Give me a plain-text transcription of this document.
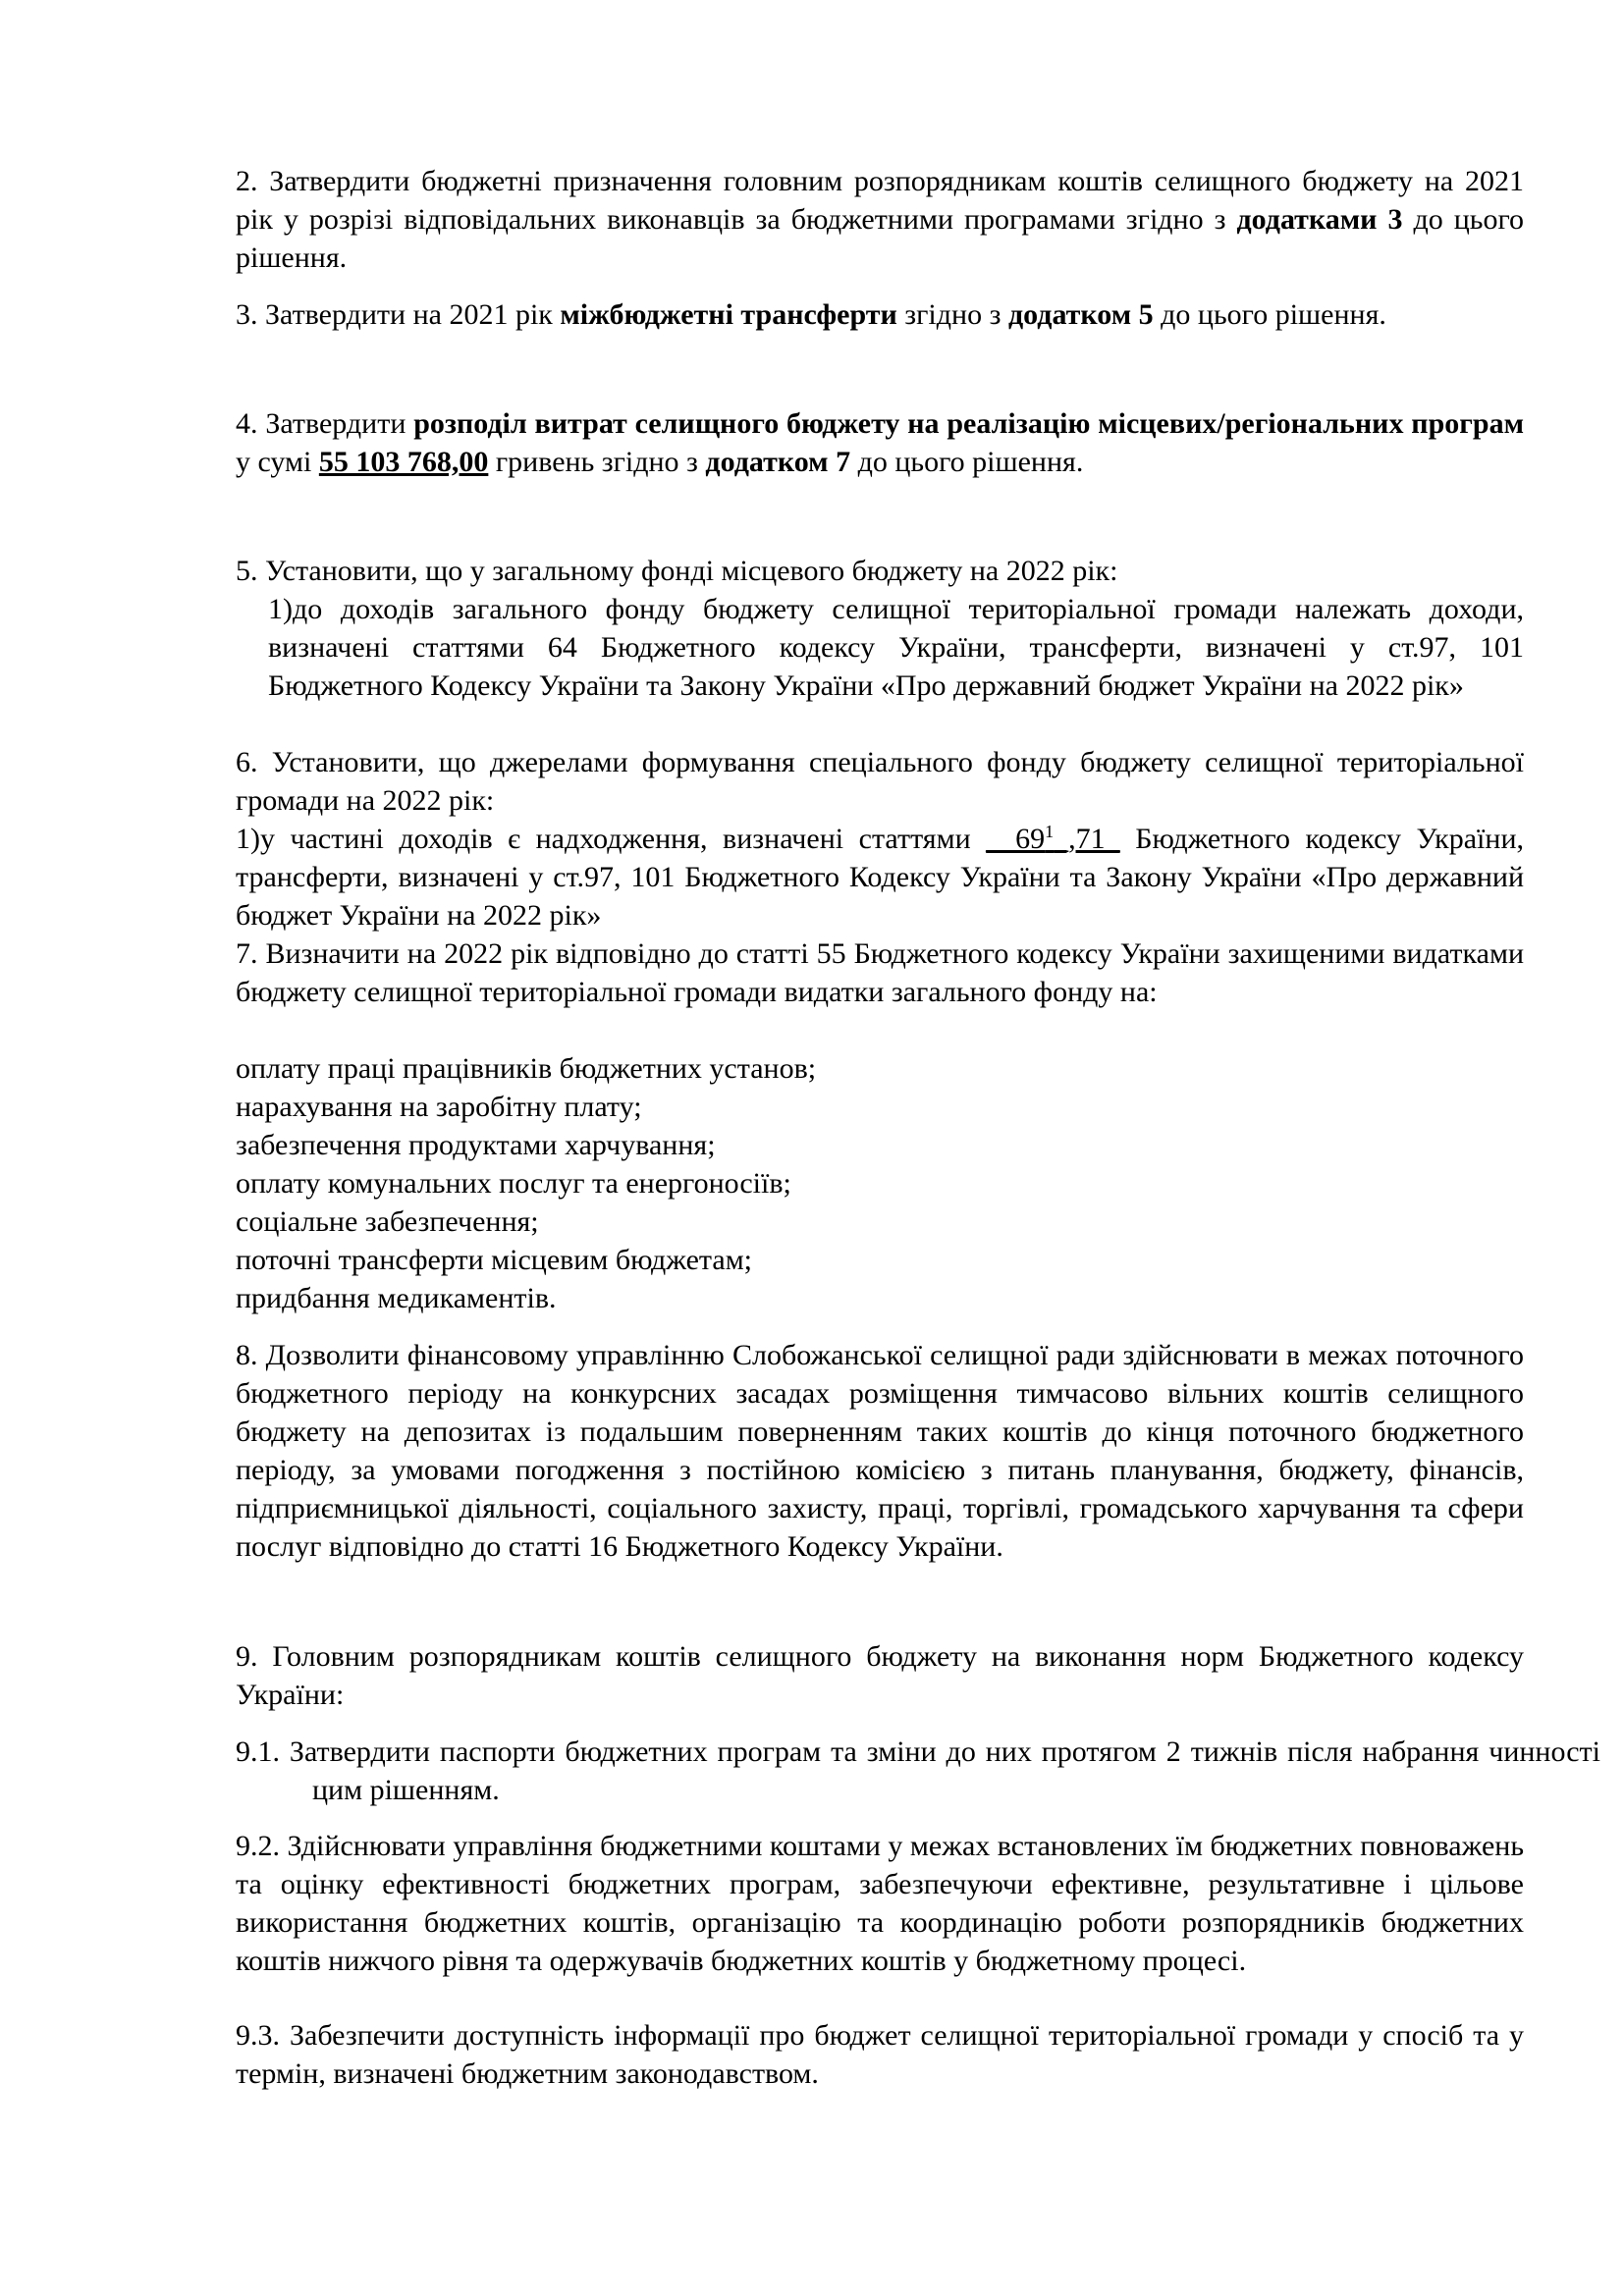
2. Затвердити бюджетні призначення головним розпорядникам коштів селищного бюджету на 2021 рік у розрізі відповідальних виконавців за бюджетними програмами згідно з додатками 3 до цього рішення.

3. Затвердити на 2021 рік міжбюджетні трансферти згідно з додатком 5 до цього рішення.

4. Затвердити розподіл витрат селищного бюджету на реалізацію місцевих/регіональних програм у сумі 55 103 768,00 гривень згідно з додатком 7 до цього рішення.

5. Установити, що у загальному фонді місцевого бюджету на 2022 рік:

1)до доходів загального фонду бюджету селищної територіальної громади належать доходи, визначені статтями 64 Бюджетного кодексу України, трансферти, визначені у ст.97, 101 Бюджетного Кодексу України та Закону України «Про державний бюджет України на 2022 рік»

6. Установити, що джерелами формування спеціального фонду бюджету селищної територіальної громади на 2022 рік:

1)у частині доходів є надходження, визначені статтями $\_\_69^1\_,71\_$ Бюджетного кодексу України, трансферти, визначені у ст.97, 101 Бюджетного Кодексу України та Закону України «Про державний бюджет України на 2022 рік»

7. Визначити на 2022 рік відповідно до статті 55 Бюджетного кодексу України захищеними видатками бюджету селищної територіальної громади видатки загального фонду на:

оплату праці працівників бюджетних установ;
нарахування на заробітну плату;
забезпечення продуктами харчування;
оплату комунальних послуг та енергоносіїв;
соціальне забезпечення;
поточні трансферти місцевим бюджетам;
придбання медикаментів.

8. Дозволити фінансовому управлінню Слобожанської селищної ради здійснювати в межах поточного бюджетного періоду на конкурсних засадах розміщення тимчасово вільних коштів селищного бюджету на депозитах із подальшим поверненням таких коштів до кінця поточного бюджетного періоду, за умовами погодження з постійною комісією з питань планування, бюджету, фінансів, підприємницької діяльності, соціального захисту, праці, торгівлі, громадського харчування та сфери послуг відповідно до статті 16 Бюджетного Кодексу України.

9. Головним розпорядникам коштів селищного бюджету на виконання норм Бюджетного кодексу України:

9.1. Затвердити паспорти бюджетних програм та зміни до них протягом 2 тижнів після набрання чинності цим рішенням.

9.2. Здійснювати управління бюджетними коштами у межах встановлених їм бюджетних повноважень та оцінку ефективності бюджетних програм, забезпечуючи ефективне, результативне і цільове використання бюджетних коштів, організацію та координацію роботи розпорядників бюджетних коштів нижчого рівня та одержувачів бюджетних коштів у бюджетному процесі.

9.3. Забезпечити доступність інформації про бюджет селищної територіальної громади у спосіб та у термін, визначені бюджетним законодавством.
